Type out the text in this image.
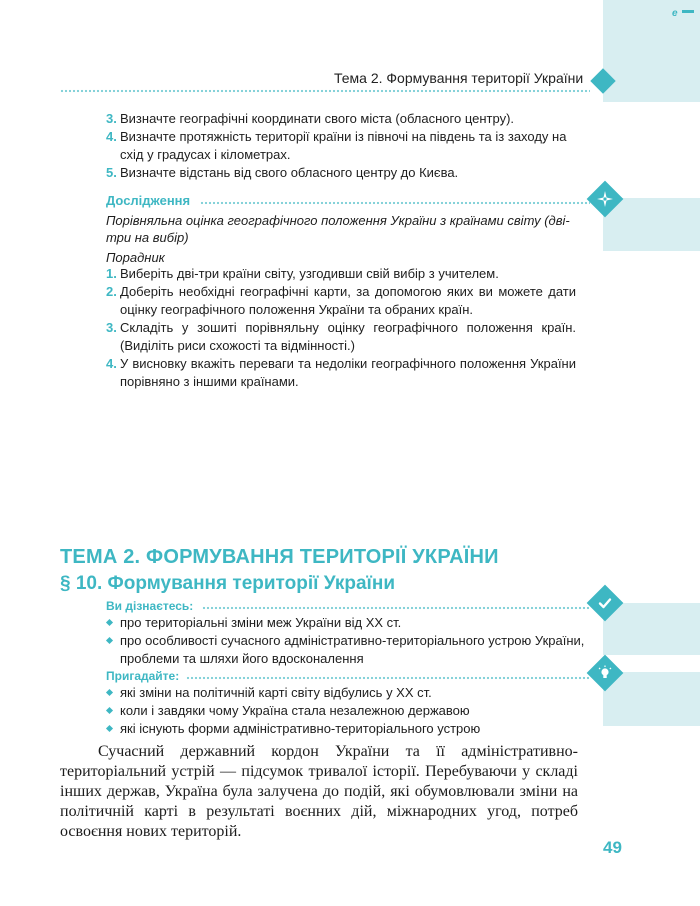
e
Тема 2. Формування території України
3. Визначте географічні координати свого міста (обласного центру).
4. Визначте протяжність території країни із півночі на південь та із заходу на схід у градусах і кілометрах.
5. Визначте відстань від свого обласного центру до Києва.
Дослідження
Порівняльна оцінка географічного положення України з країнами світу (дві-три на вибір)
Порадник
1. Виберіть дві-три країни світу, узгодивши свій вибір з учителем.
2. Доберіть необхідні географічні карти, за допомогою яких ви можете дати оцінку географічного положення України та обраних країн.
3. Складіть у зошиті порівняльну оцінку географічного положення країн. (Виділіть риси схожості та відмінності.)
4. У висновку вкажіть переваги та недоліки географічного положення України порівняно з іншими країнами.
ТЕМА 2. ФОРМУВАННЯ ТЕРИТОРІЇ УКРАЇНИ
§ 10. Формування території України
Ви дізнаєтесь:
про територіальні зміни меж України від XX ст.
про особливості сучасного адміністративно-територіального устрою України, проблеми та шляхи його вдосконалення
Пригадайте:
які зміни на політичній карті світу відбулись у XX ст.
коли і завдяки чому Україна стала незалежною державою
які існують форми адміністративно-територіального устрою
Сучасний державний кордон України та її адміністративно-територіальний устрій — підсумок тривалої історії. Перебуваючи у складі інших держав, Україна була залучена до подій, які обумовлювали зміни на політичній карті в результаті воєнних дій, міжнародних угод, потреб освоєння нових територій.
49
